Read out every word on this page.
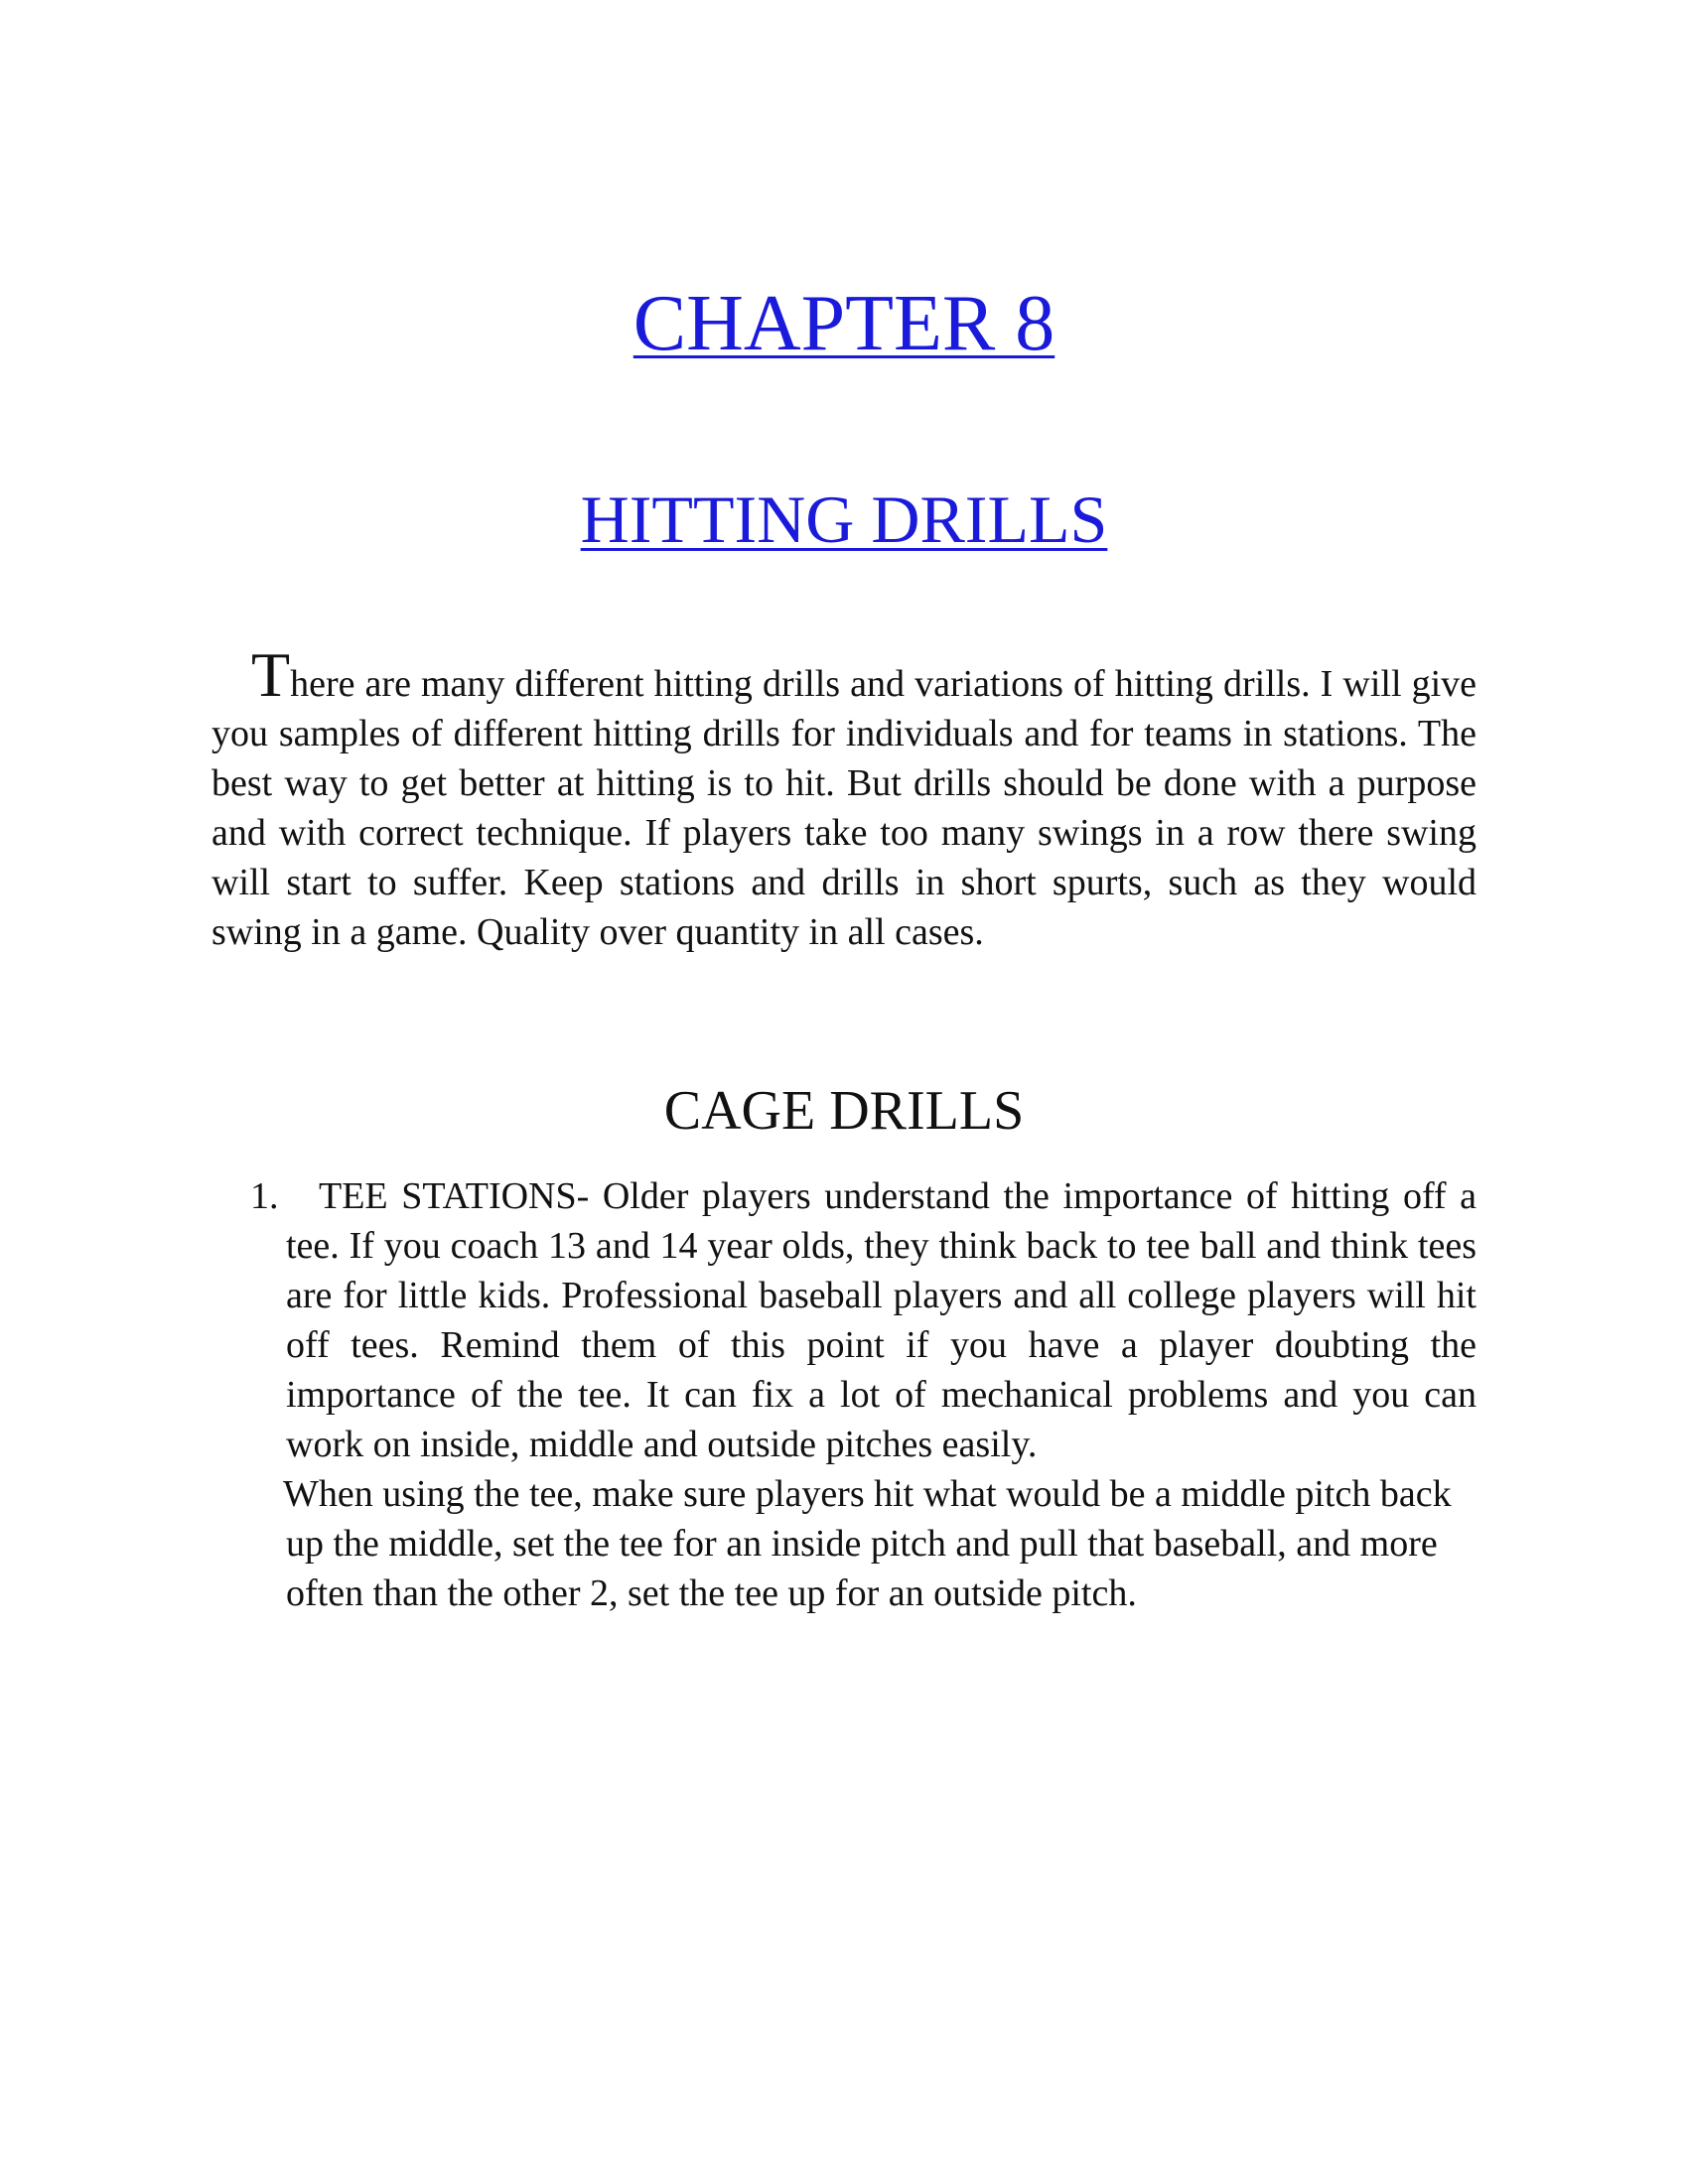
CHAPTER 8
HITTING DRILLS

There are many different hitting drills and variations of hitting drills. I will give you samples of different hitting drills for individuals and for teams in stations. The best way to get better at hitting is to hit. But drills should be done with a purpose and with correct technique. If players take too many swings in a row there swing will start to suffer. Keep stations and drills in short spurts, such as they would swing in a game. Quality over quantity in all cases.

CAGE DRILLS
1.	TEE STATIONS- Older players understand the importance of hitting off a tee. If you coach 13 and 14 year olds, they think back to tee ball and think tees are for little kids. Professional baseball players and all college players will hit off tees. Remind them of this point if you have a player doubting the importance of the tee. It can fix a lot of mechanical problems and you can work on inside, middle and outside pitches easily.
When using the tee, make sure players hit what would be a middle pitch back up the middle, set the tee for an inside pitch and pull that baseball, and more often than the other 2, set the tee up for an outside pitch.
